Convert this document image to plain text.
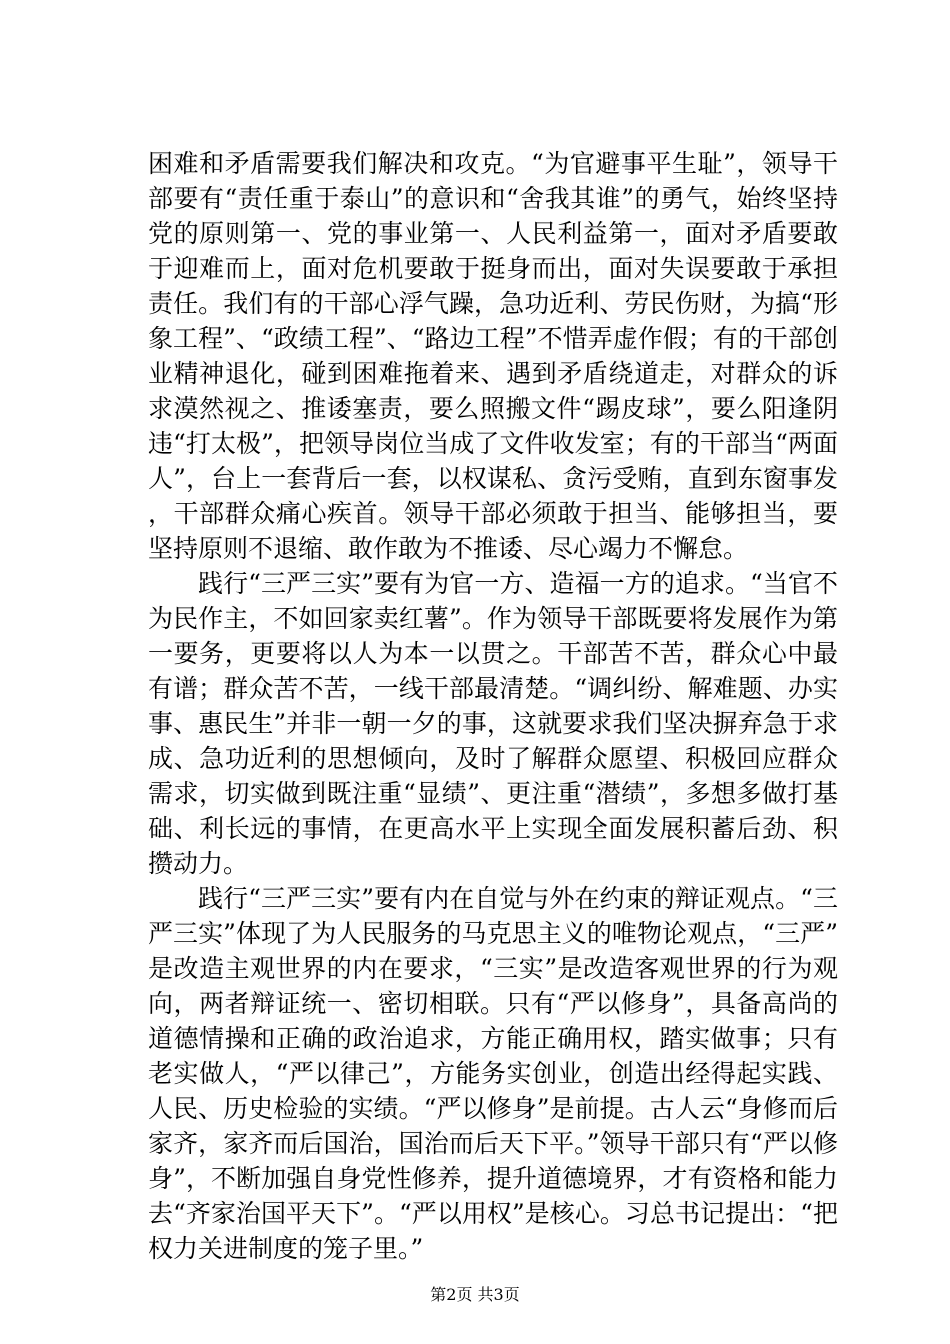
困难和矛盾需要我们解决和攻克。“为官避事平生耻”，领导干部要有“责任重于泰山”的意识和“舍我其谁”的勇气，始终坚持党的原则第一、党的事业第一、人民利益第一，面对矛盾要敢于迎难而上，面对危机要敢于挺身而出，面对失误要敢于承担责任。我们有的干部心浮气躁，急功近利、劳民伤财，为搞“形象工程”、“政绩工程”、“路边工程”不惜弄虚作假；有的干部创业精神退化，碰到困难拖着来、遇到矛盾绕道走，对群众的诉求漠然视之、推诿塞责，要么照搬文件“踢皮球”，要么阳逢阴违“打太极”，把领导岗位当成了文件收发室；有的干部当“两面人”，台上一套背后一套，以权谋私、贪污受贿，直到东窗事发，干部群众痛心疾首。领导干部必须敢于担当、能够担当，要坚持原则不退缩、敢作敢为不推诿、尽心竭力不懈怠。

践行“三严三实”要有为官一方、造福一方的追求。“当官不为民作主，不如回家卖红薯”。作为领导干部既要将发展作为第一要务，更要将以人为本一以贯之。干部苦不苦，群众心中最有谱；群众苦不苦，一线干部最清楚。“调纠纷、解难题、办实事、惠民生”并非一朝一夕的事，这就要求我们坚决摒弃急于求成、急功近利的思想倾向，及时了解群众愿望、积极回应群众需求，切实做到既注重“显绩”、更注重“潜绩”，多想多做打基础、利长远的事情，在更高水平上实现全面发展积蓄后劲、积攒动力。

践行“三严三实”要有内在自觉与外在约束的辩证观点。“三严三实”体现了为人民服务的马克思主义的唯物论观点，“三严”是改造主观世界的内在要求，“三实”是改造客观世界的行为观向，两者辩证统一、密切相联。只有“严以修身”，具备高尚的道德情操和正确的政治追求，方能正确用权，踏实做事；只有老实做人，“严以律己”，方能务实创业，创造出经得起实践、人民、历史检验的实绩。“严以修身”是前提。古人云“身修而后家齐，家齐而后国治，国治而后天下平。”领导干部只有“严以修身”，不断加强自身党性修养，提升道德境界，才有资格和能力去“齐家治国平天下”。“严以用权”是核心。习总书记提出：“把权力关进制度的笼子里。”

第2页 共3页
